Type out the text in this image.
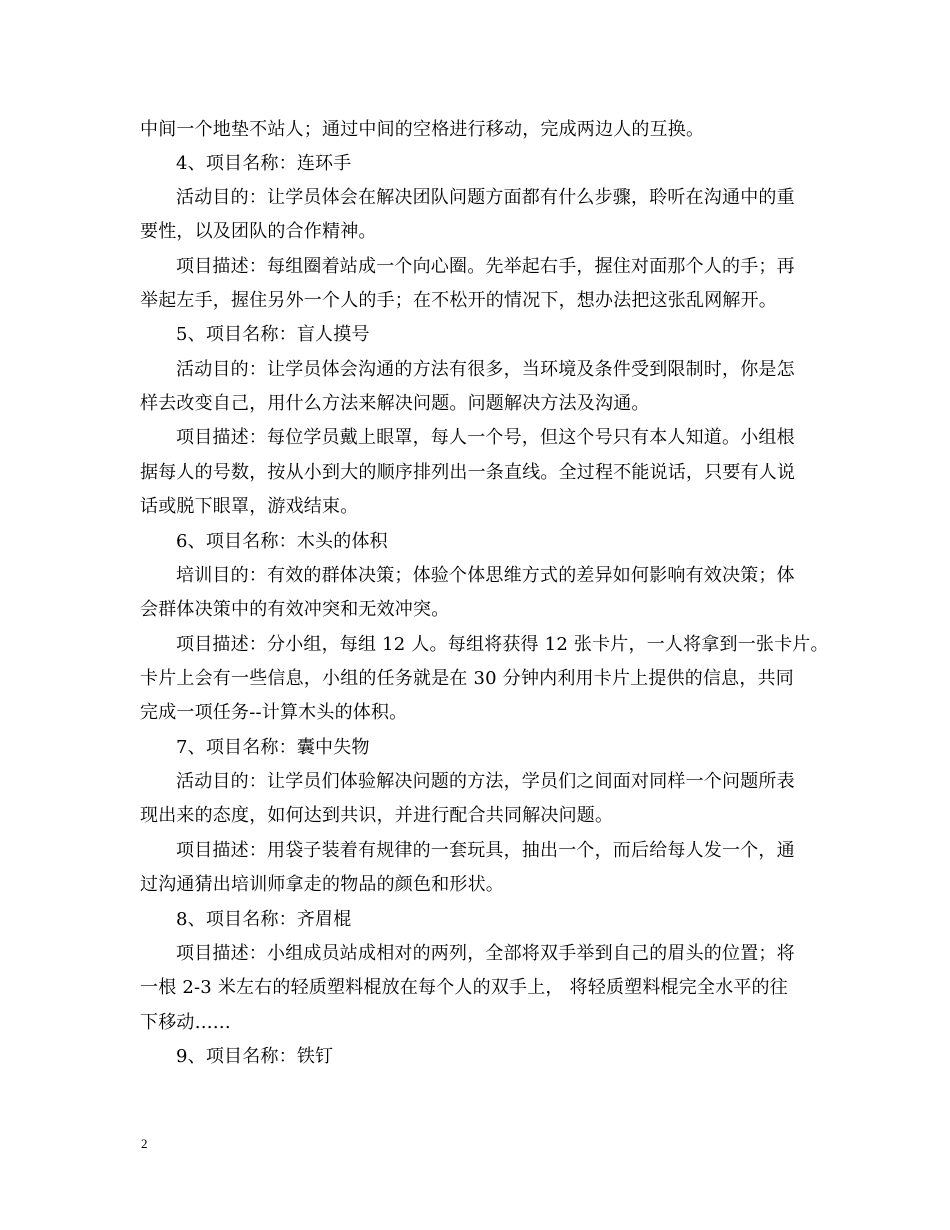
中间一个地垫不站人；通过中间的空格进行移动，完成两边人的互换。
4、项目名称：连环手
活动目的：让学员体会在解决团队问题方面都有什么步骤，聆听在沟通中的重
要性，以及团队的合作精神。
项目描述：每组圈着站成一个向心圈。先举起右手，握住对面那个人的手；再
举起左手，握住另外一个人的手；在不松开的情况下，想办法把这张乱网解开。
5、项目名称：盲人摸号
活动目的：让学员体会沟通的方法有很多，当环境及条件受到限制时，你是怎
样去改变自己，用什么方法来解决问题。问题解决方法及沟通。
项目描述：每位学员戴上眼罩，每人一个号，但这个号只有本人知道。小组根
据每人的号数，按从小到大的顺序排列出一条直线。全过程不能说话，只要有人说
话或脱下眼罩，游戏结束。
6、项目名称：木头的体积
培训目的：有效的群体决策；体验个体思维方式的差异如何影响有效决策；体
会群体决策中的有效冲突和无效冲突。
项目描述：分小组，每组 12 人。每组将获得 12 张卡片，一人将拿到一张卡片。
卡片上会有一些信息，小组的任务就是在 30 分钟内利用卡片上提供的信息，共同
完成一项任务--计算木头的体积。
7、项目名称：囊中失物
活动目的：让学员们体验解决问题的方法，学员们之间面对同样一个问题所表
现出来的态度，如何达到共识，并进行配合共同解决问题。
项目描述：用袋子装着有规律的一套玩具，抽出一个，而后给每人发一个，通
过沟通猜出培训师拿走的物品的颜色和形状。
8、项目名称：齐眉棍
项目描述：小组成员站成相对的两列，全部将双手举到自己的眉头的位置；将
一根 2-3 米左右的轻质塑料棍放在每个人的双手上， 将轻质塑料棍完全水平的往
下移动……
9、项目名称：铁钉
2
